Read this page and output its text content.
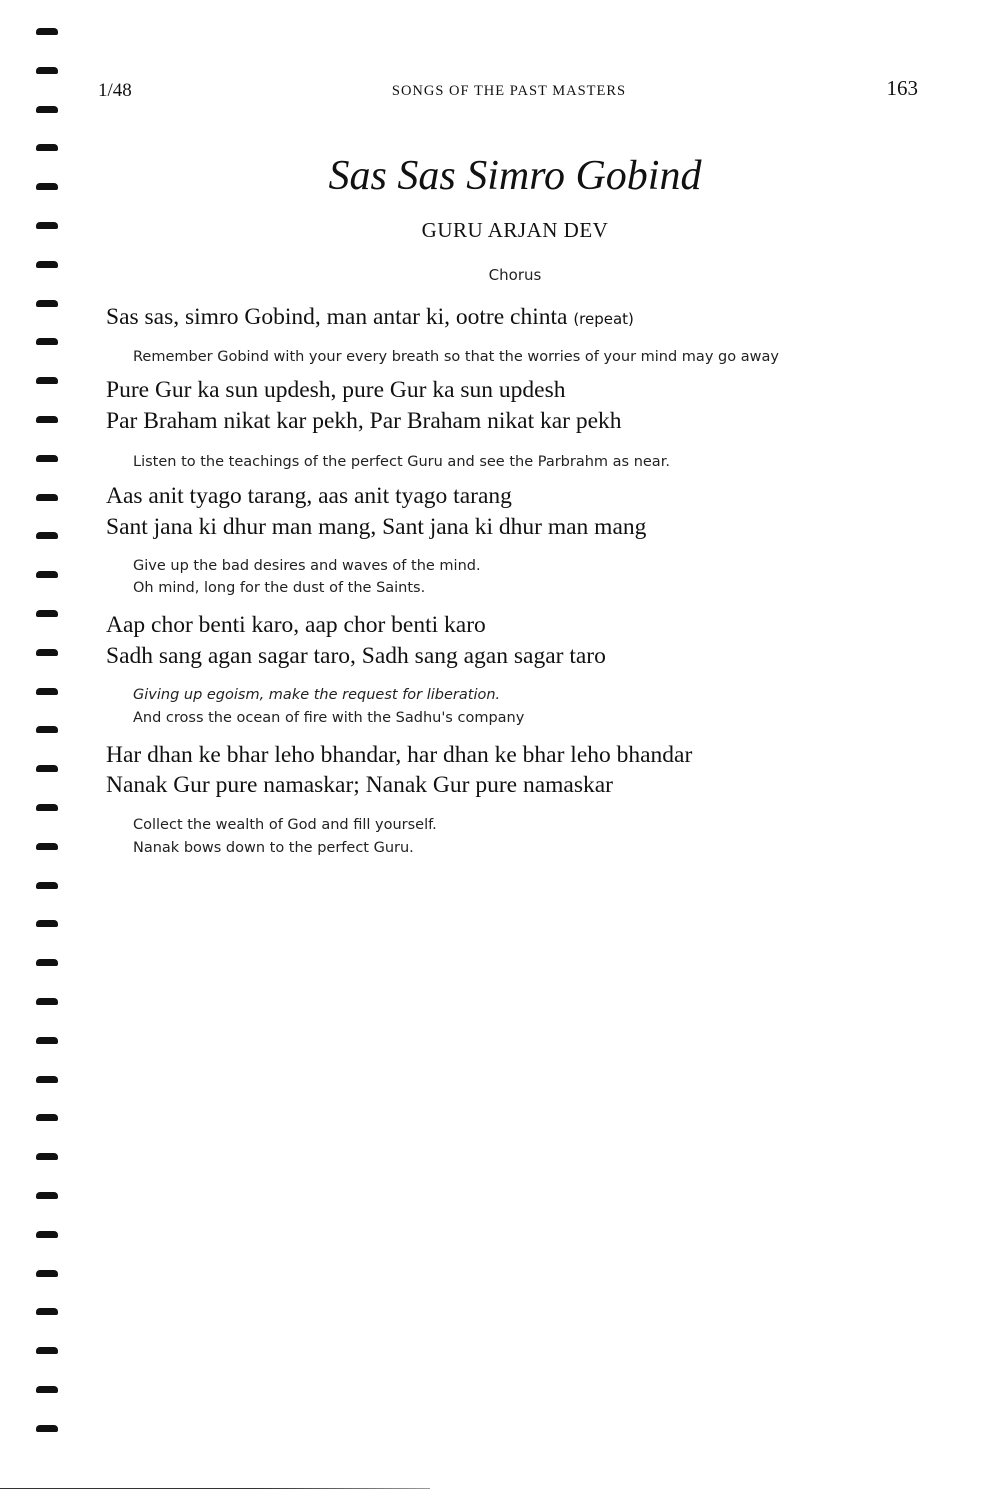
1/48	SONGS OF THE PAST MASTERS	163
Sas Sas Simro Gobind
GURU ARJAN DEV
Chorus
Sas sas, simro Gobind, man antar ki, ootre chinta (repeat)
Remember Gobind with your every breath so that the worries of your mind may go away
Pure Gur ka sun updesh, pure Gur ka sun updesh
Par Braham nikat kar pekh, Par Braham nikat kar pekh
Listen to the teachings of the perfect Guru and see the Parbrahm as near.
Aas anit tyago tarang, aas anit tyago tarang
Sant jana ki dhur man mang, Sant jana ki dhur man mang
Give up the bad desires and waves of the mind.
Oh mind, long for the dust of the Saints.
Aap chor benti karo, aap chor benti karo
Sadh sang agan sagar taro, Sadh sang agan sagar taro
Giving up egoism, make the request for liberation.
And cross the ocean of fire with the Sadhu's company
Har dhan ke bhar leho bhandar, har dhan ke bhar leho bhandar
Nanak Gur pure namaskar; Nanak Gur pure namaskar
Collect the wealth of God and fill yourself.
Nanak bows down to the perfect Guru.
